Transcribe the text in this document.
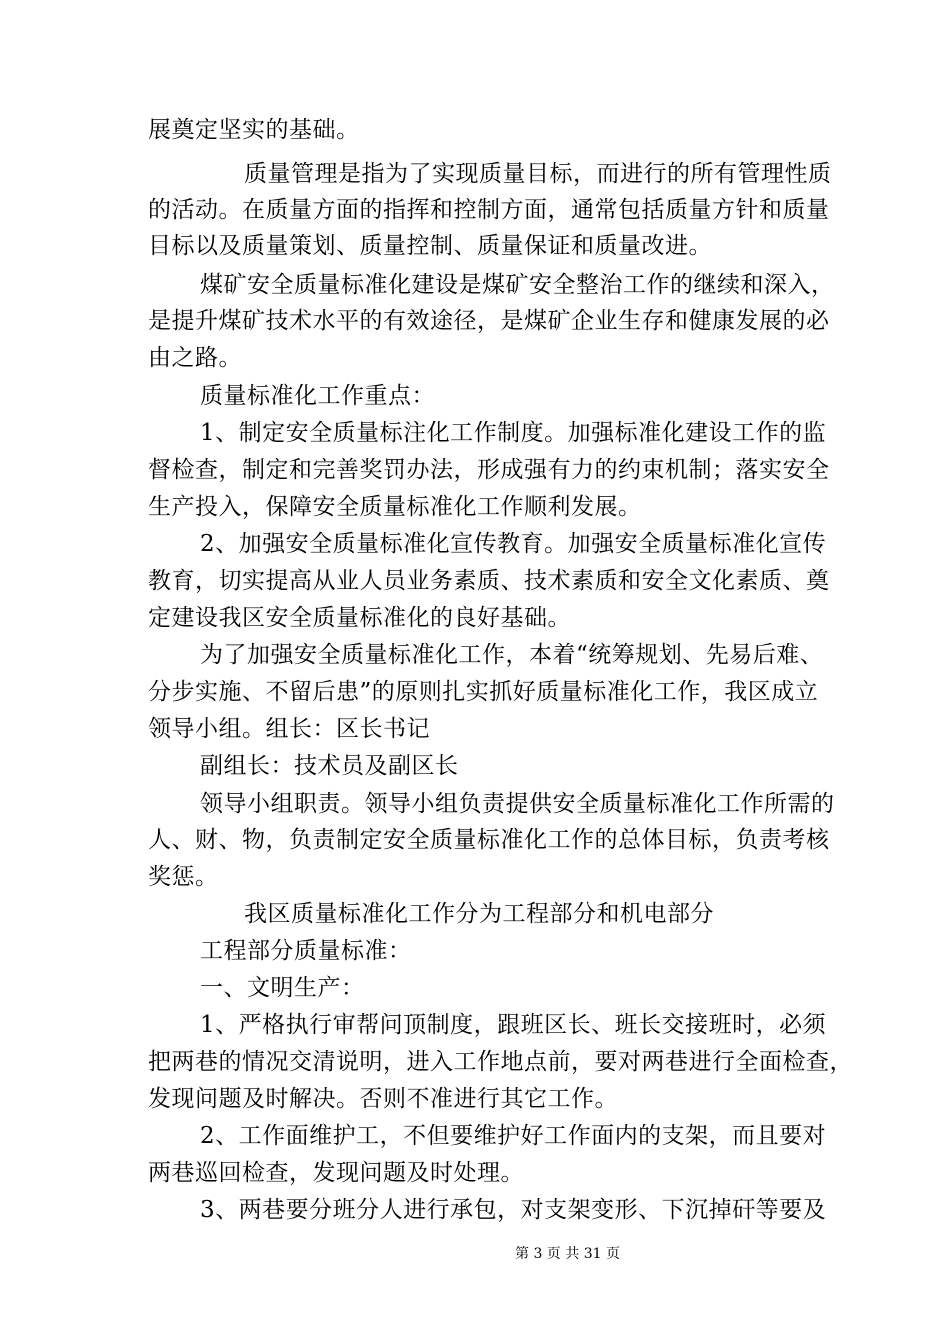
展奠定坚实的基础。
质量管理是指为了实现质量目标，而进行的所有管理性质
的活动。在质量方面的指挥和控制方面，通常包括质量方针和质量
目标以及质量策划、质量控制、质量保证和质量改进。
煤矿安全质量标准化建设是煤矿安全整治工作的继续和深入，
是提升煤矿技术水平的有效途径，是煤矿企业生存和健康发展的必
由之路。
质量标准化工作重点：
1、制定安全质量标注化工作制度。加强标准化建设工作的监
督检查，制定和完善奖罚办法，形成强有力的约束机制；落实安全
生产投入，保障安全质量标准化工作顺利发展。
2、加强安全质量标准化宣传教育。加强安全质量标准化宣传
教育，切实提高从业人员业务素质、技术素质和安全文化素质、奠
定建设我区安全质量标准化的良好基础。
为了加强安全质量标准化工作，本着“统筹规划、先易后难、
分步实施、不留后患”的原则扎实抓好质量标准化工作，我区成立
领导小组。组长：区长书记
副组长：技术员及副区长
领导小组职责。领导小组负责提供安全质量标准化工作所需的
人、财、物，负责制定安全质量标准化工作的总体目标，负责考核
奖惩。
我区质量标准化工作分为工程部分和机电部分
工程部分质量标准：
一、文明生产：
1、严格执行审帮问顶制度，跟班区长、班长交接班时，必须
把两巷的情况交清说明，进入工作地点前，要对两巷进行全面检查，
发现问题及时解决。否则不准进行其它工作。
2、工作面维护工，不但要维护好工作面内的支架，而且要对
两巷巡回检查，发现问题及时处理。
3、两巷要分班分人进行承包，对支架变形、下沉掉矸等要及
第 3 页 共 31 页
